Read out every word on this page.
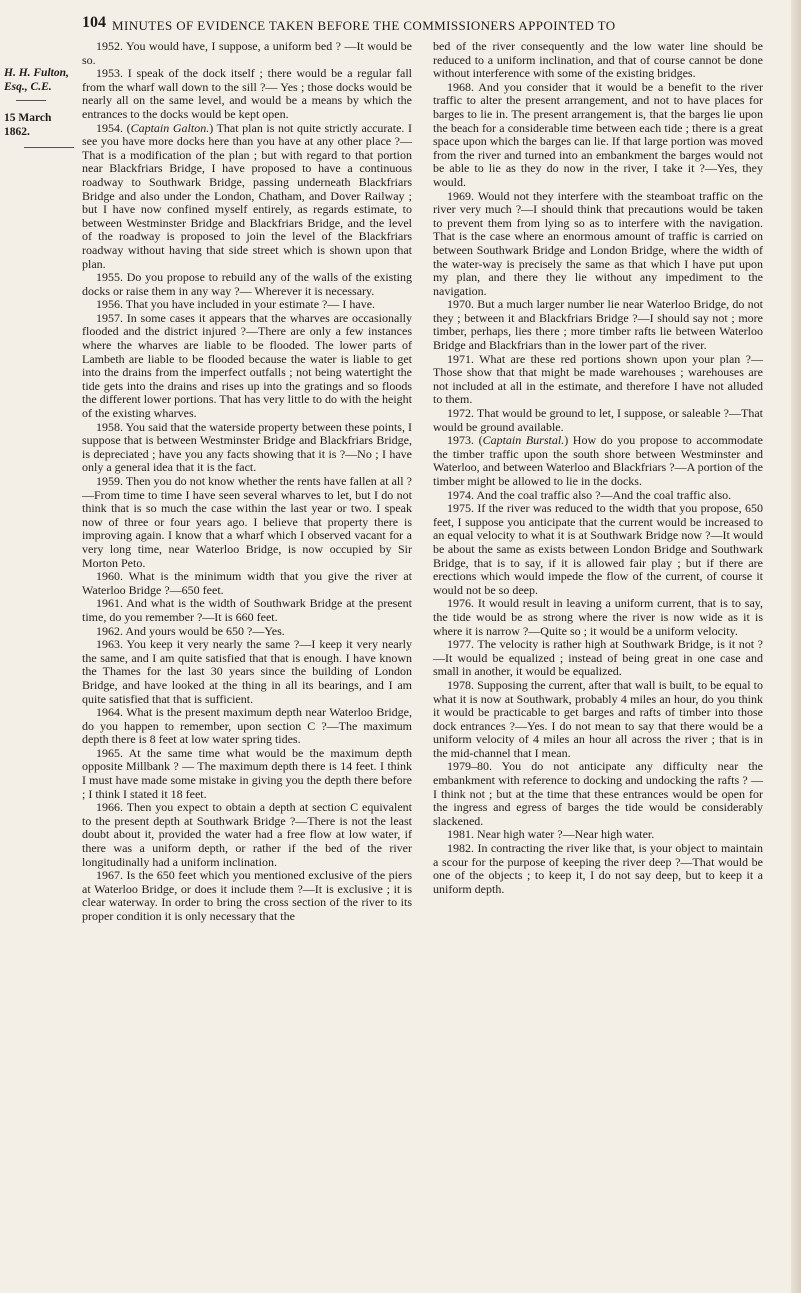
104 MINUTES OF EVIDENCE TAKEN BEFORE THE COMMISSIONERS APPOINTED TO
H. H. Fulton, Esq., C.E.
15 March 1862.

1952. You would have, I suppose, a uniform bed ? —It would be so.

1953. I speak of the dock itself ; there would be a regular fall from the wharf wall down to the sill ?— Yes ; those docks would be nearly all on the same level, and would be a means by which the entrances to the docks would be kept open.

1954. (Captain Galton.) That plan is not quite strictly accurate. I see you have more docks here than you have at any other place ?—That is a modification of the plan ; but with regard to that portion near Blackfriars Bridge, I have proposed to have a continuous roadway to Southwark Bridge, passing underneath Blackfriars Bridge and also under the London, Chatham, and Dover Railway ; but I have now confined myself entirely, as regards estimate, to between Westminster Bridge and Blackfriars Bridge, and the level of the roadway is proposed to join the level of the Blackfriars roadway without having that side street which is shown upon that plan.

1955. Do you propose to rebuild any of the walls of the existing docks or raise them in any way ?— Wherever it is necessary.

1956. That you have included in your estimate ?— I have.

1957. In some cases it appears that the wharves are occasionally flooded and the district injured ?—There are only a few instances where the wharves are liable to be flooded. The lower parts of Lambeth are liable to be flooded because the water is liable to get into the drains from the imperfect outfalls ; not being watertight the tide gets into the drains and rises up into the gratings and so floods the different lower portions. That has very little to do with the height of the existing wharves.

1958. You said that the waterside property between these points, I suppose that is between Westminster Bridge and Blackfriars Bridge, is depreciated ; have you any facts showing that it is ?—No ; I have only a general idea that it is the fact.

1959. Then you do not know whether the rents have fallen at all ?—From time to time I have seen several wharves to let, but I do not think that is so much the case within the last year or two. I speak now of three or four years ago. I believe that property there is improving again. I know that a wharf which I observed vacant for a very long time, near Waterloo Bridge, is now occupied by Sir Morton Peto.

1960. What is the minimum width that you give the river at Waterloo Bridge ?—650 feet.

1961. And what is the width of Southwark Bridge at the present time, do you remember ?—It is 660 feet.

1962. And yours would be 650 ?—Yes.

1963. You keep it very nearly the same ?—I keep it very nearly the same, and I am quite satisfied that that is enough. I have known the Thames for the last 30 years since the building of London Bridge, and have looked at the thing in all its bearings, and I am quite satisfied that that is sufficient.

1964. What is the present maximum depth near Waterloo Bridge, do you happen to remember, upon section C ?—The maximum depth there is 8 feet at low water spring tides.

1965. At the same time what would be the maximum depth opposite Millbank ? — The maximum depth there is 14 feet. I think I must have made some mistake in giving you the depth there before ; I think I stated it 18 feet.

1966. Then you expect to obtain a depth at section C equivalent to the present depth at Southwark Bridge ?—There is not the least doubt about it, provided the water had a free flow at low water, if there was a uniform depth, or rather if the bed of the river longitudinally had a uniform inclination.

1967. Is the 650 feet which you mentioned exclusive of the piers at Waterloo Bridge, or does it include them ?—It is exclusive ; it is clear waterway. In order to bring the cross section of the river to its proper condition it is only necessary that the

bed of the river consequently and the low water line should be reduced to a uniform inclination, and that of course cannot be done without interference with some of the existing bridges.

1968. And you consider that it would be a benefit to the river traffic to alter the present arrangement, and not to have places for barges to lie in. The present arrangement is, that the barges lie upon the beach for a considerable time between each tide ; there is a great space upon which the barges can lie. If that large portion was moved from the river and turned into an embankment the barges would not be able to lie as they do now in the river, I take it ?—Yes, they would.

1969. Would not they interfere with the steamboat traffic on the river very much ?—I should think that precautions would be taken to prevent them from lying so as to interfere with the navigation. That is the case where an enormous amount of traffic is carried on between Southwark Bridge and London Bridge, where the width of the water-way is precisely the same as that which I have put upon my plan, and there they lie without any impediment to the navigation.

1970. But a much larger number lie near Waterloo Bridge, do not they ; between it and Blackfriars Bridge ?—I should say not ; more timber, perhaps, lies there ; more timber rafts lie between Waterloo Bridge and Blackfriars than in the lower part of the river.

1971. What are these red portions shown upon your plan ?—Those show that that might be made warehouses ; warehouses are not included at all in the estimate, and therefore I have not alluded to them.

1972. That would be ground to let, I suppose, or saleable ?—That would be ground available.

1973. (Captain Burstal.) How do you propose to accommodate the timber traffic upon the south shore between Westminster and Waterloo, and between Waterloo and Blackfriars ?—A portion of the timber might be allowed to lie in the docks.

1974. And the coal traffic also ?—And the coal traffic also.

1975. If the river was reduced to the width that you propose, 650 feet, I suppose you anticipate that the current would be increased to an equal velocity to what it is at Southwark Bridge now ?—It would be about the same as exists between London Bridge and Southwark Bridge, that is to say, if it is allowed fair play ; but if there are erections which would impede the flow of the current, of course it would not be so deep.

1976. It would result in leaving a uniform current, that is to say, the tide would be as strong where the river is now wide as it is where it is narrow ?—Quite so ; it would be a uniform velocity.

1977. The velocity is rather high at Southwark Bridge, is it not ?—It would be equalized ; instead of being great in one case and small in another, it would be equalized.

1978. Supposing the current, after that wall is built, to be equal to what it is now at Southwark, probably 4 miles an hour, do you think it would be practicable to get barges and rafts of timber into those dock entrances ?—Yes. I do not mean to say that there would be a uniform velocity of 4 miles an hour all across the river ; that is in the mid-channel that I mean.

1979–80. You do not anticipate any difficulty near the embankment with reference to docking and undocking the rafts ? — I think not ; but at the time that these entrances would be open for the ingress and egress of barges the tide would be considerably slackened.

1981. Near high water ?—Near high water.

1982. In contracting the river like that, is your object to maintain a scour for the purpose of keeping the river deep ?—That would be one of the objects ; to keep it, I do not say deep, but to keep it a uniform depth.
